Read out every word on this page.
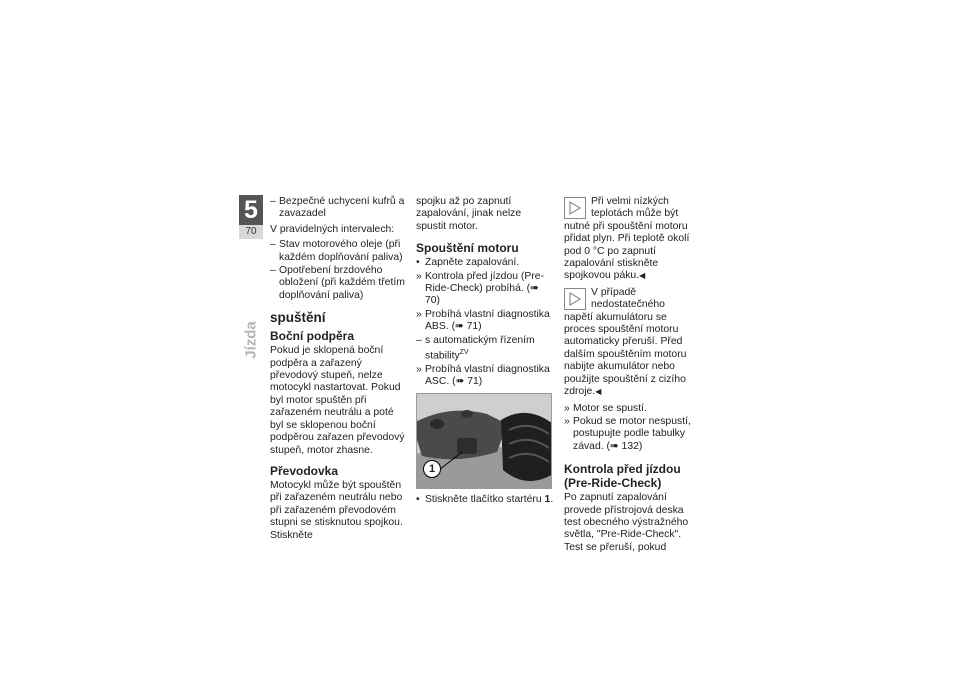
5
70
Jízda
– Bezpečné uchycení kufrů a zavazadel
V pravidelných intervalech:
– Stav motorového oleje (při každém doplňování paliva)
– Opotřebení brzdového obložení (při každém třetím doplňování paliva)
spuštění
Boční podpěra
Pokud je sklopená boční podpěra a zařazený převodový stupeň, nelze motocykl nastartovat. Pokud byl motor spuštěn při zařazeném neutrálu a poté byl se sklopenou boční podpěrou zařazen převodový stupeň, motor zhasne.
Převodovka
Motocykl může být spouštěn při zařazeném neutrálu nebo při zařazeném převodovém stupni se stisknutou spojkou. Stiskněte
spojku až po zapnutí zapalování, jinak nelze spustit motor.
Spouštění motoru
• Zapněte zapalování.
» Kontrola před jízdou (Pre-Ride-Check) probíhá. (➠ 70)
» Probíhá vlastní diagnostika ABS. (➠ 71)
– s automatickým řízením stability$^{ZV}$
» Probíhá vlastní diagnostika ASC. (➠ 71)
1
• Stiskněte tlačítko startéru 1.
Při velmi nízkých teplotách může být nutné při spouštění motoru přidat plyn. Při teplotě okolí pod 0 °C po zapnutí zapalování stiskněte spojkovou páku.◀
V případě nedostatečného napětí akumulátoru se proces spouštění motoru automaticky přeruší. Před dalším spouštěním motoru nabijte akumulátor nebo použijte spouštění z cizího zdroje.◀
» Motor se spustí.
» Pokud se motor nespustí, postupujte podle tabulky závad. (➠ 132)
Kontrola před jízdou (Pre-Ride-Check)
Po zapnutí zapalování provede přístrojová deska test obecného výstražného světla, "Pre-Ride-Check". Test se přeruší, pokud
